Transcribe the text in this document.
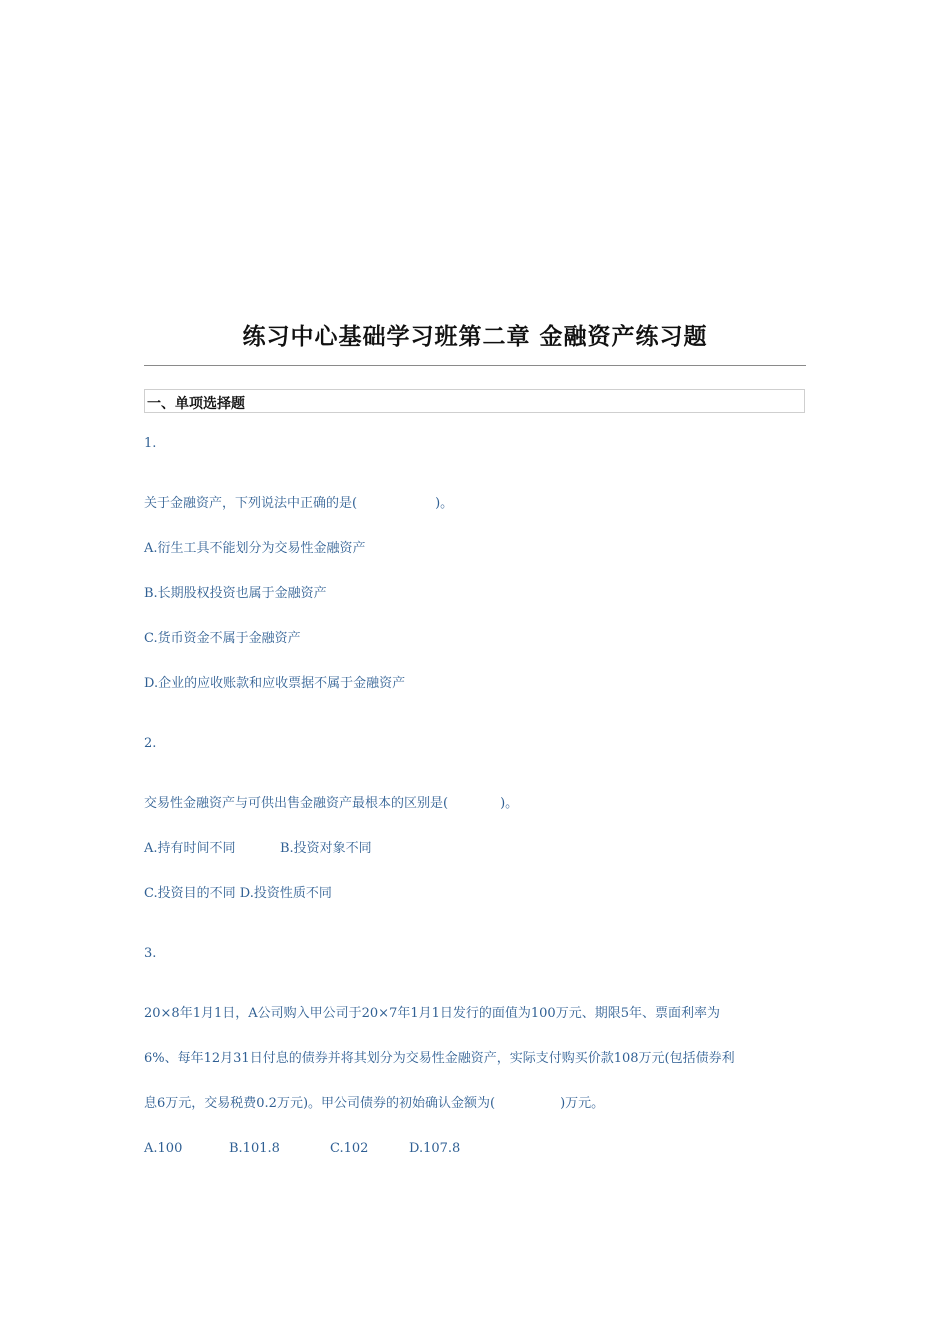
练习中心基础学习班第二章 金融资产练习题
一、单项选择题
1.
关于金融资产，下列说法中正确的是(　　　　　　)。
A.衍生工具不能划分为交易性金融资产
B.长期股权投资也属于金融资产
C.货币资金不属于金融资产
D.企业的应收账款和应收票据不属于金融资产
2.
交易性金融资产与可供出售金融资产最根本的区别是(　　　　)。
A.持有时间不同	B.投资对象不同
C.投资目的不同 D.投资性质不同
3.
20×8年1月1日，A公司购入甲公司于20×7年1月1日发行的面值为100万元、期限5年、票面利率为
6%、每年12月31日付息的债券并将其划分为交易性金融资产，实际支付购买价款108万元(包括债券利
息6万元，交易税费0.2万元)。甲公司债券的初始确认金额为(　　　　　)万元。
A.100	B.101.8	C.102	D.107.8
